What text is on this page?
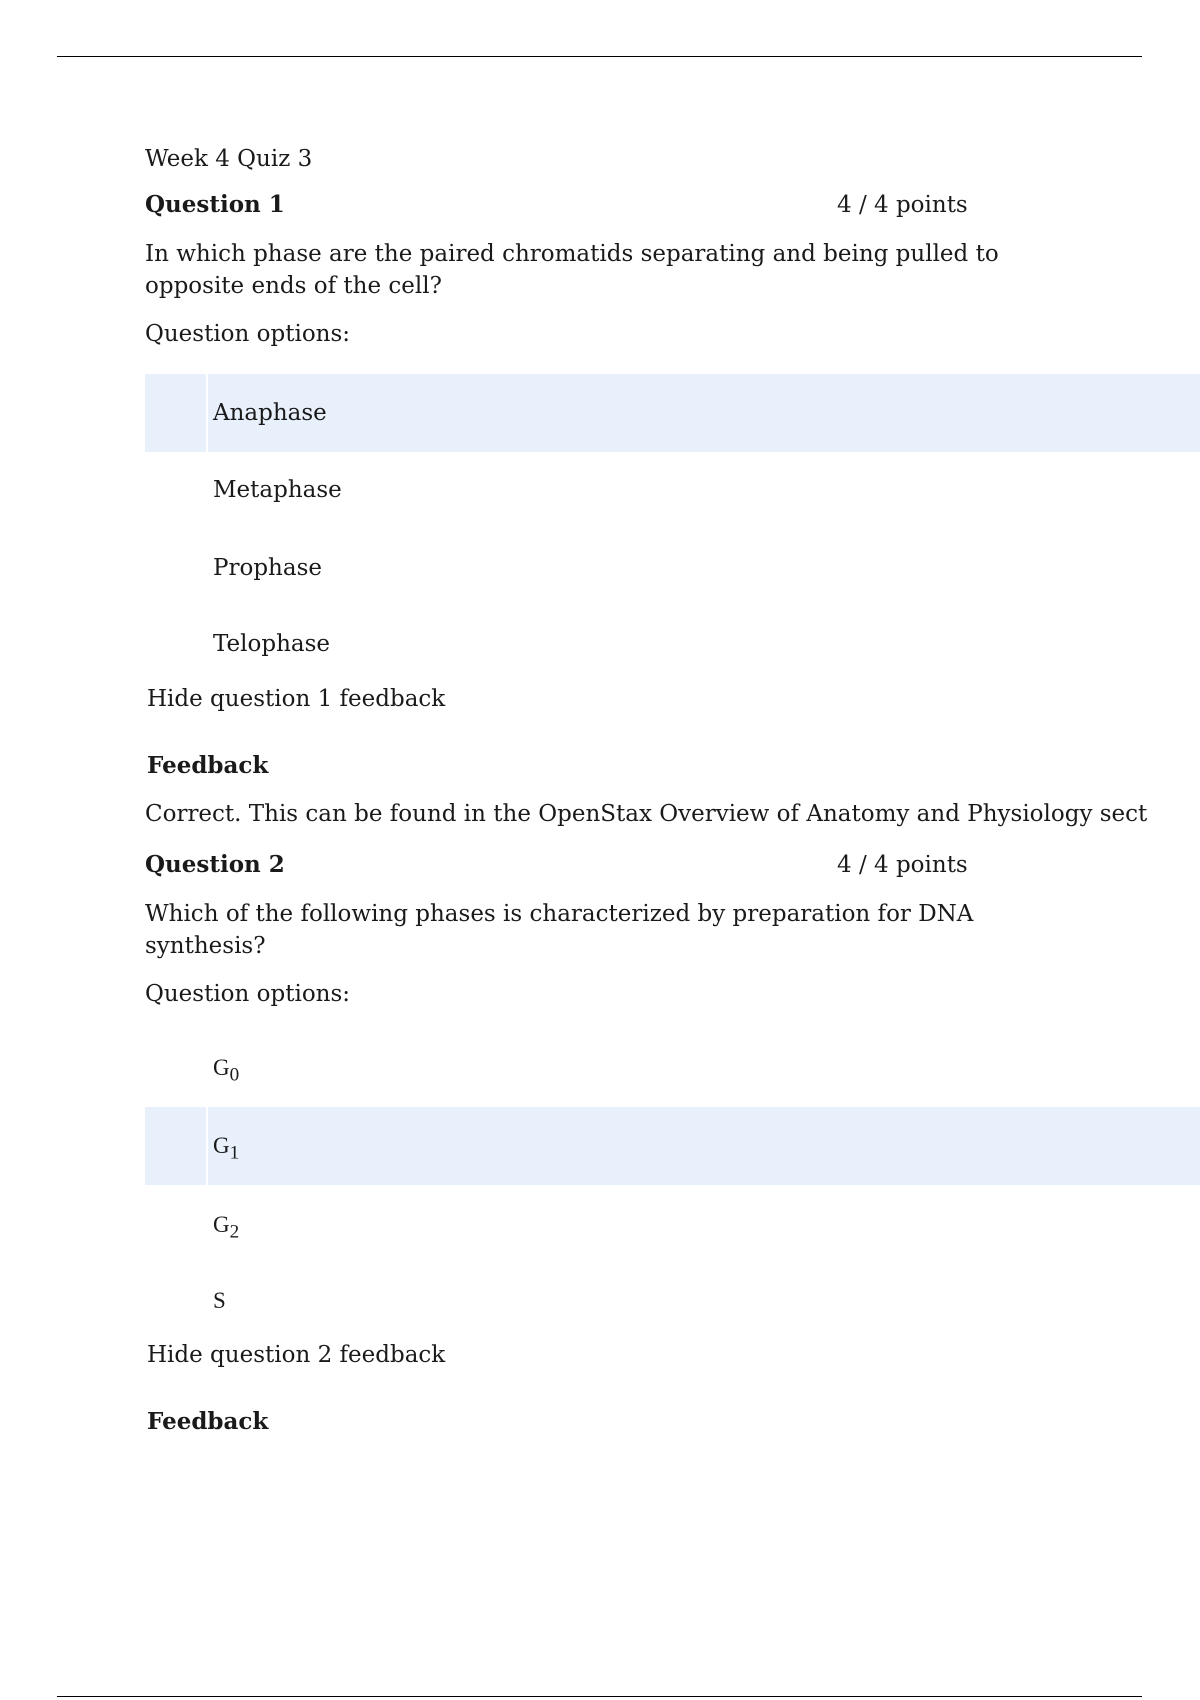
Week 4 Quiz 3
Question 1	4 / 4 points
In which phase are the paired chromatids separating and being pulled to opposite ends of the cell?
Question options:
Anaphase
Metaphase
Prophase
Telophase
Hide question 1 feedback
Feedback
Correct. This can be found in the OpenStax Overview of Anatomy and Physiology sect
Question 2	4 / 4 points
Which of the following phases is characterized by preparation for DNA synthesis?
Question options:
$G_0$
$G_1$
$G_2$
S
Hide question 2 feedback
Feedback
